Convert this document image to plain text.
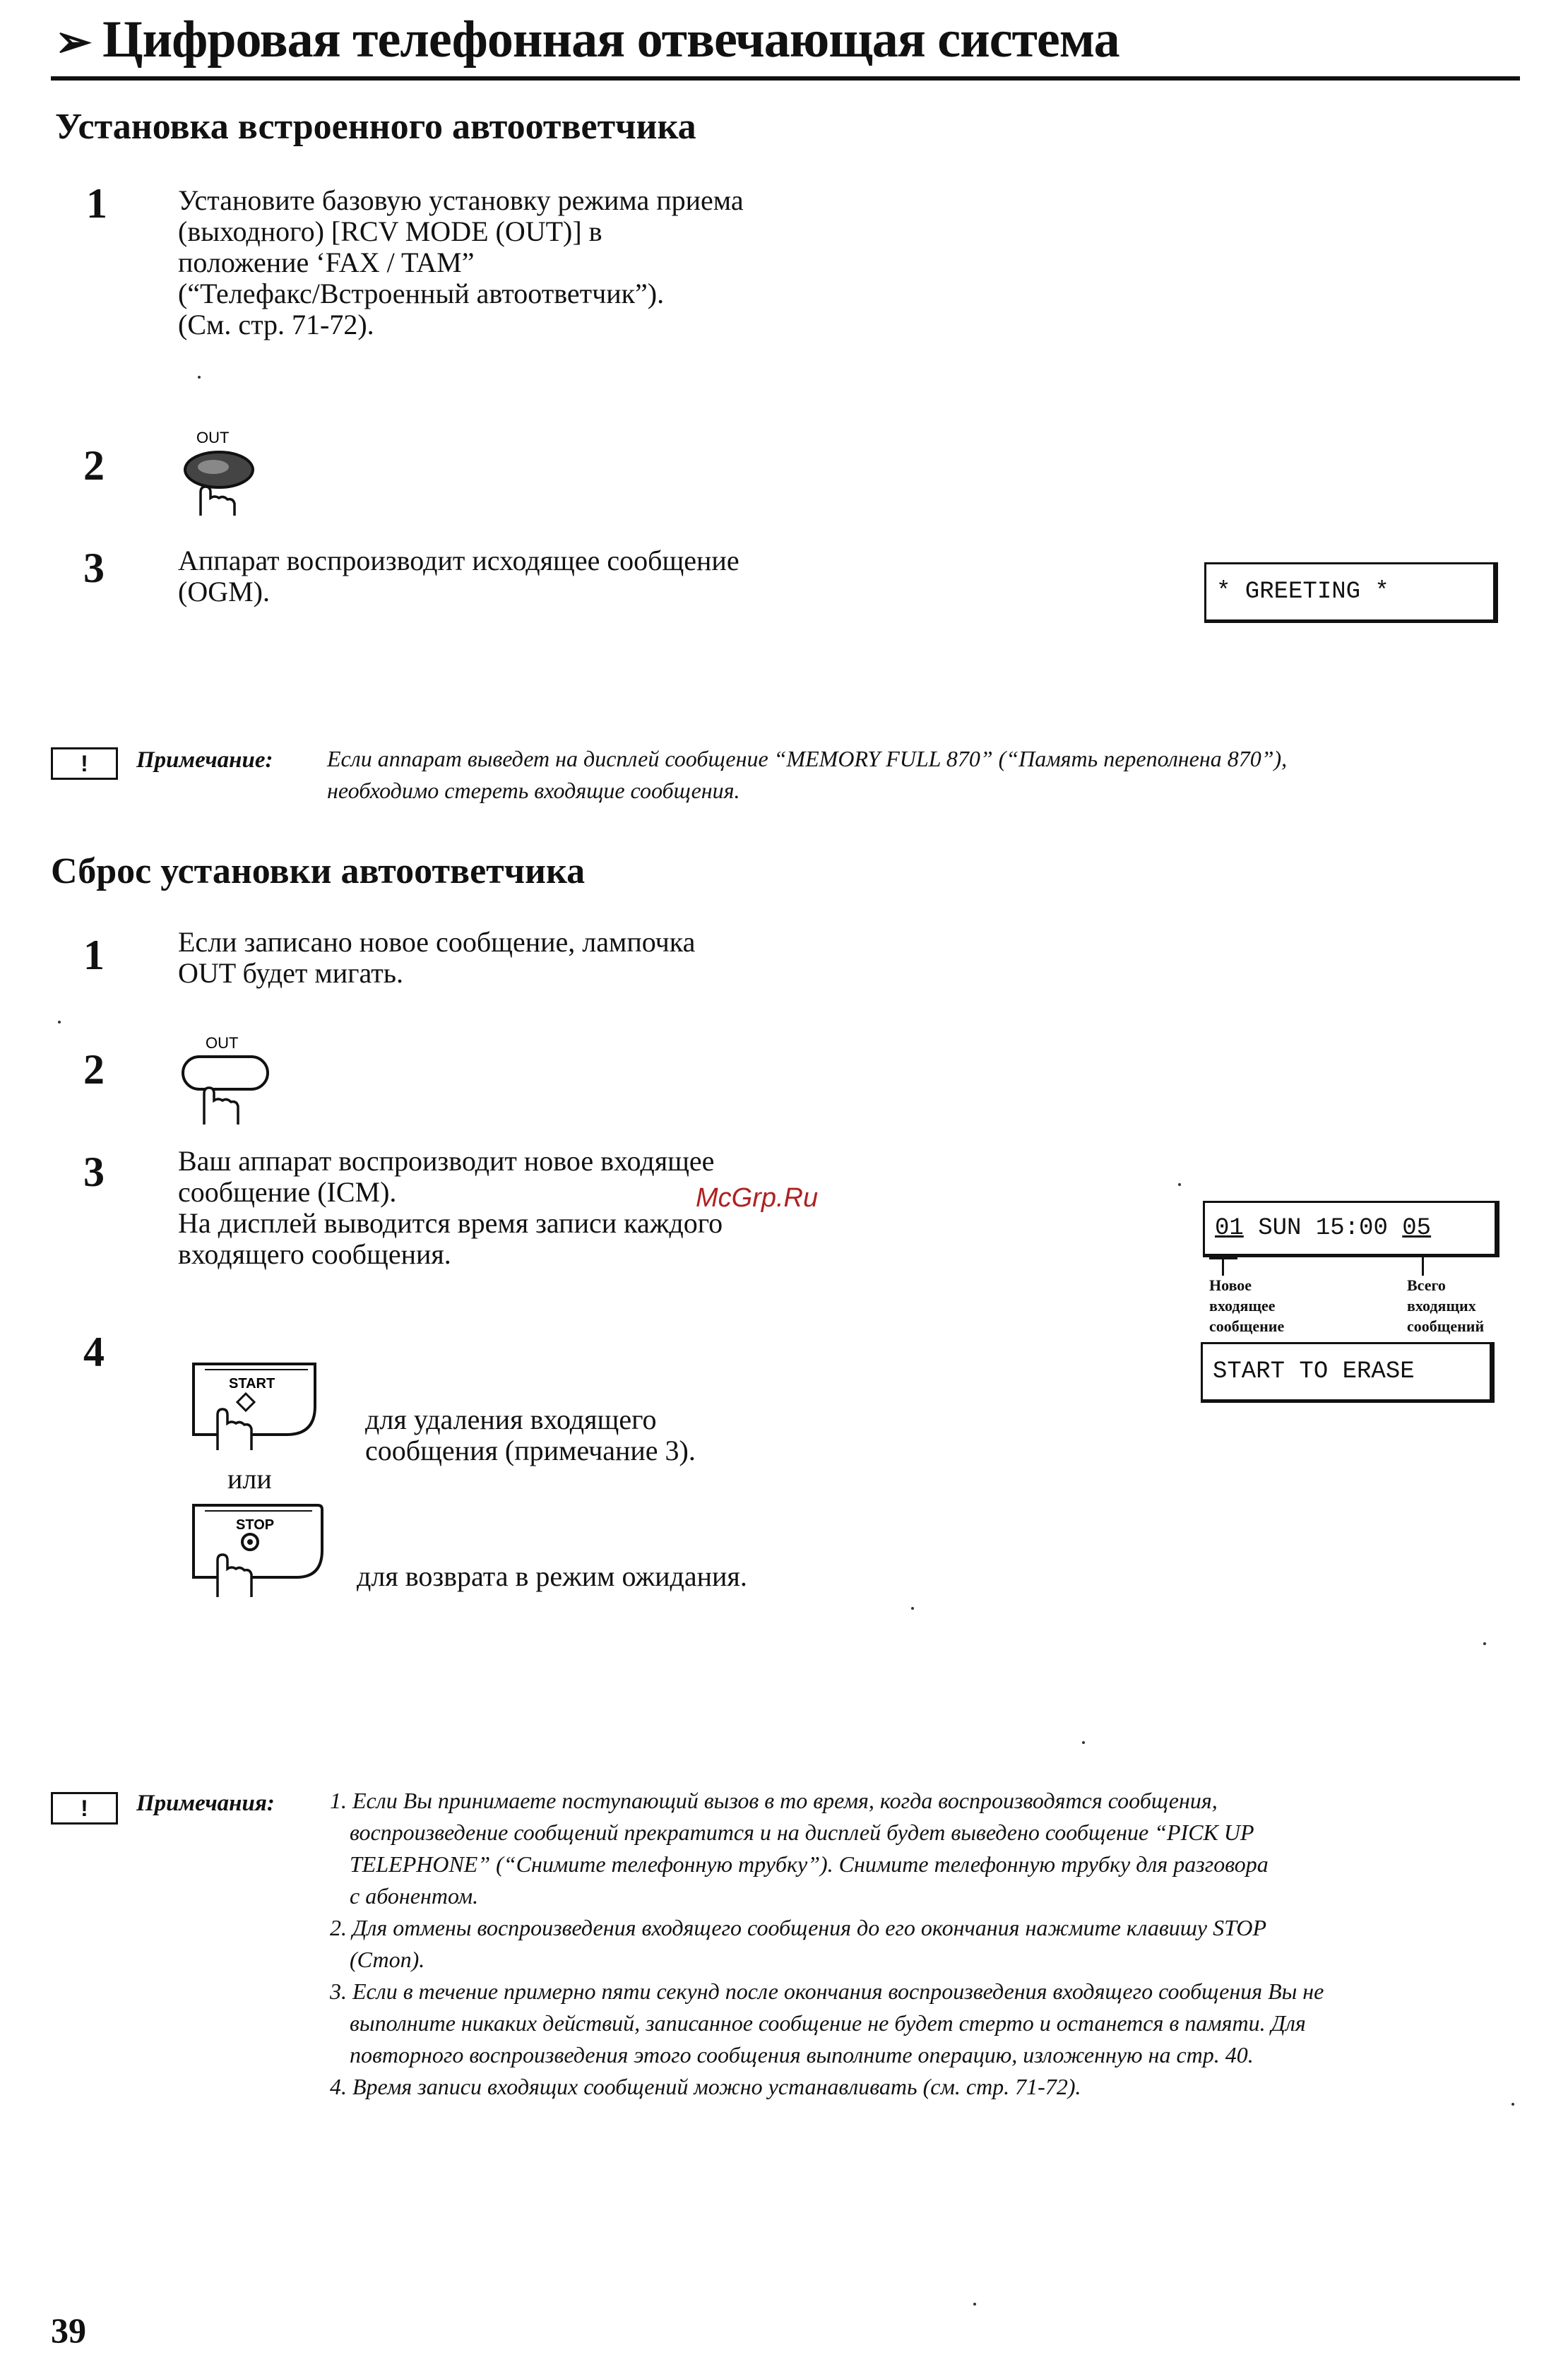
➢ Цифровая телефонная отвечающая система
Установка встроенного автоответчика
1	Установите базовую установку режима приема
(выходного) [RCV MODE (OUT)] в
положение ‘FAX / TAM”
(“Телефакс/Встроенный автоответчик”).
(См. стр. 71-72).
2
OUT
3	Аппарат воспроизводит исходящее сообщение
(OGM).	* GREETING *
!	Примечание: Если аппарат выведет на дисплей сообщение “MEMORY FULL 870” (“Память переполнена 870”),
необходимо стереть входящие сообщения.
Сброс установки автоответчика
1	Если записано новое сообщение, лампочка
OUT будет мигать.
2
OUT
3	Ваш аппарат воспроизводит новое входящее
сообщение (ICM).
На дисплей выводится время записи каждого
входящего сообщения.
McGrp.Ru
01 SUN 15:00 05
Новое
входящее
сообщение
Всего
входящих
сообщений
START TO ERASE
4
START
для удаления входящего
сообщения (примечание 3).
или
STOP
для возврата в режим ожидания.
!	Примечания: 1. Если Вы принимаете поступающий вызов в то время, когда воспроизводятся сообщения,
воспроизведение сообщений прекратится и на дисплей будет выведено сообщение “PICK UP
TELEPHONE” (“Снимите телефонную трубку”). Снимите телефонную трубку для разговора
с абонентом.
2. Для отмены воспроизведения входящего сообщения до его окончания нажмите клавишу STOP
(Стоп).
3. Если в течение примерно пяти секунд после окончания воспроизведения входящего сообщения Вы не
выполните никаких действий, записанное сообщение не будет стерто и останется в памяти. Для
повторного воспроизведения этого сообщения выполните операцию, изложенную на стр. 40.
4. Время записи входящих сообщений можно устанавливать (см. стр. 71-72).
39
